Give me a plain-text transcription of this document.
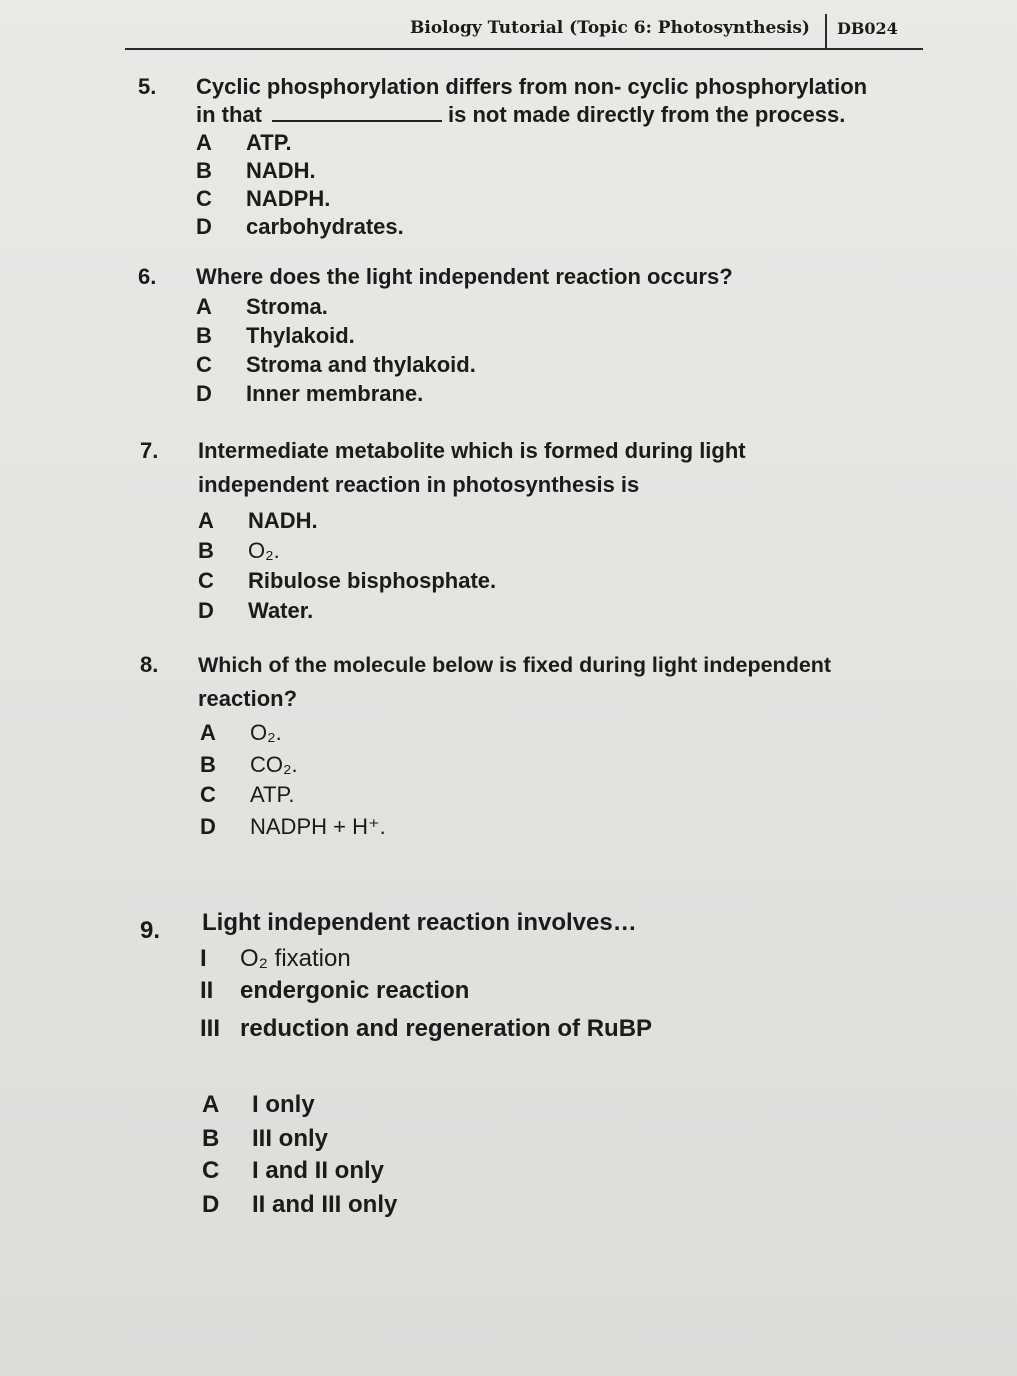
Biology Tutorial (Topic 6: Photosynthesis) DB024
5. Cyclic phosphorylation differs from non- cyclic phosphorylation
in that	is not made directly from the process.
A ATP.
B NADH.
C NADPH.
D carbohydrates.
6. Where does the light independent reaction occurs?
A Stroma.
B Thylakoid.
C Stroma and thylakoid.
D Inner membrane.
7. Intermediate metabolite which is formed during light
independent reaction in photosynthesis is
A NADH.
B O₂.
C Ribulose bisphosphate.
D Water.
8. Which of the molecule below is fixed during light independent
reaction?
A O₂.
B CO₂.
C ATP.
D NADPH + H⁺.
9. Light independent reaction involves…
I O₂ fixation
II endergonic reaction
III reduction and regeneration of RuBP
A I only
B III only
C I and II only
D II and III only
